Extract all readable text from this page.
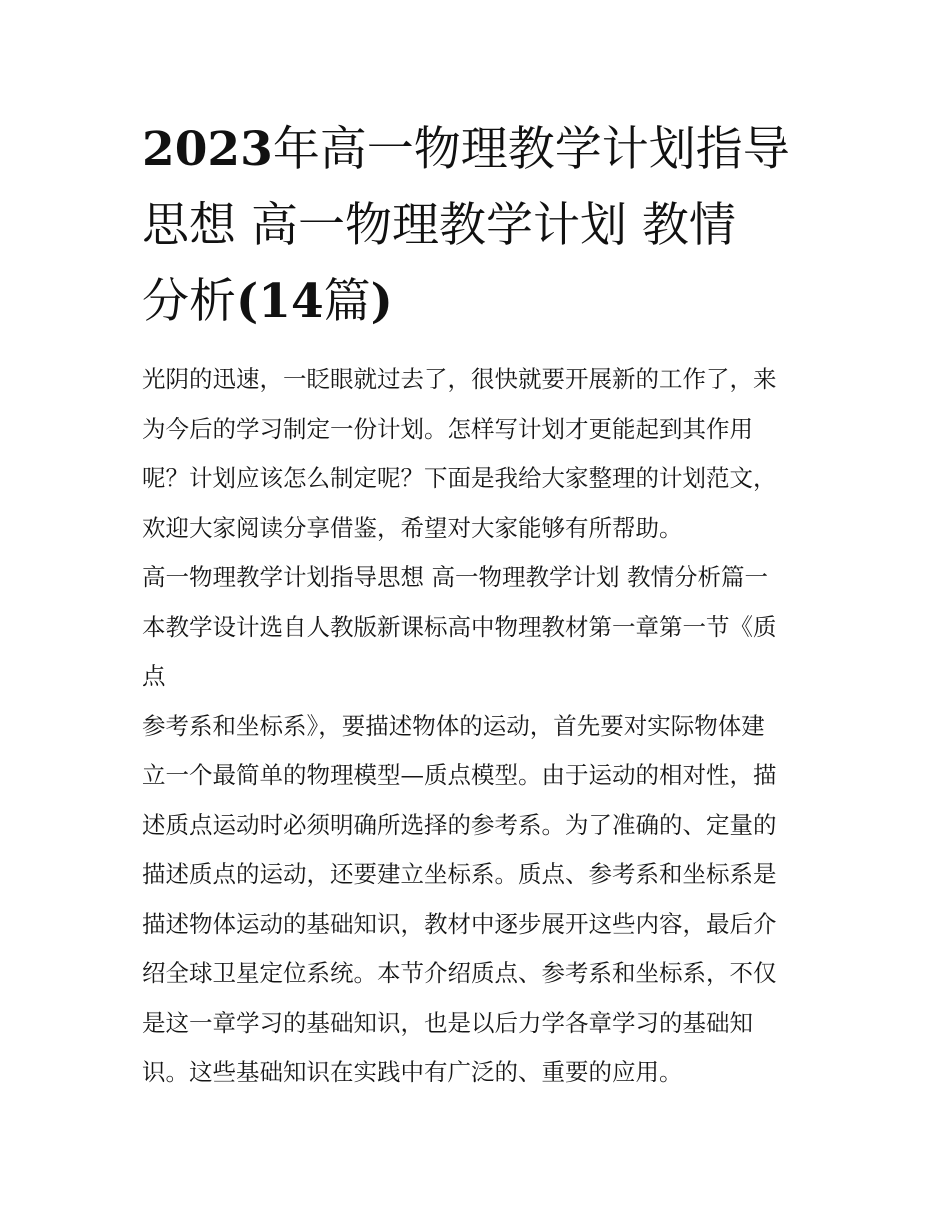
2023年高一物理教学计划指导
思想 高一物理教学计划 教情
分析(14篇)
光阴的迅速，一眨眼就过去了，很快就要开展新的工作了，来
为今后的学习制定一份计划。怎样写计划才更能起到其作用
呢？计划应该怎么制定呢？下面是我给大家整理的计划范文，
欢迎大家阅读分享借鉴，希望对大家能够有所帮助。
高一物理教学计划指导思想 高一物理教学计划 教情分析篇一
本教学设计选自人教版新课标高中物理教材第一章第一节《质
点
参考系和坐标系》，要描述物体的运动，首先要对实际物体建
立一个最简单的物理模型—质点模型。由于运动的相对性，描
述质点运动时必须明确所选择的参考系。为了准确的、定量的
描述质点的运动，还要建立坐标系。质点、参考系和坐标系是
描述物体运动的基础知识，教材中逐步展开这些内容，最后介
绍全球卫星定位系统。本节介绍质点、参考系和坐标系，不仅
是这一章学习的基础知识，也是以后力学各章学习的基础知
识。这些基础知识在实践中有广泛的、重要的应用。
